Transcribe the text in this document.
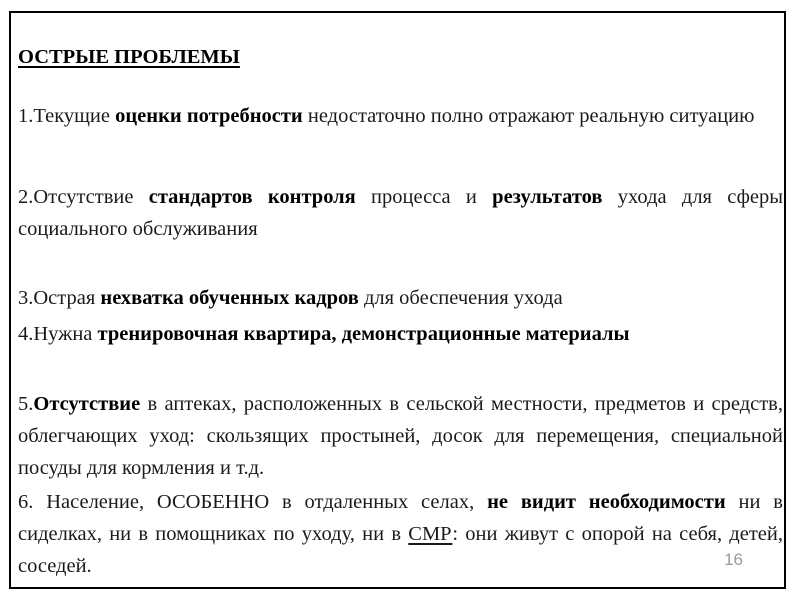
ОСТРЫЕ ПРОБЛЕМЫ

1.Текущие оценки потребности недостаточно полно отражают реальную ситуацию

2.Отсутствие стандартов контроля процесса и результатов ухода для сферы социального обслуживания

3.Острая нехватка обученных кадров для обеспечения ухода

4.Нужна тренировочная квартира, демонстрационные материалы

5.Отсутствие в аптеках, расположенных в сельской местности, предметов и средств, облегчающих уход: скользящих простыней, досок для перемещения, специальной посуды для кормления и т.д.

6. Население, ОСОБЕННО в отдаленных селах, не видит необходимости ни в сиделках, ни в помощниках по уходу, ни в СМР: они живут с опорой на себя, детей, соседей.	16
